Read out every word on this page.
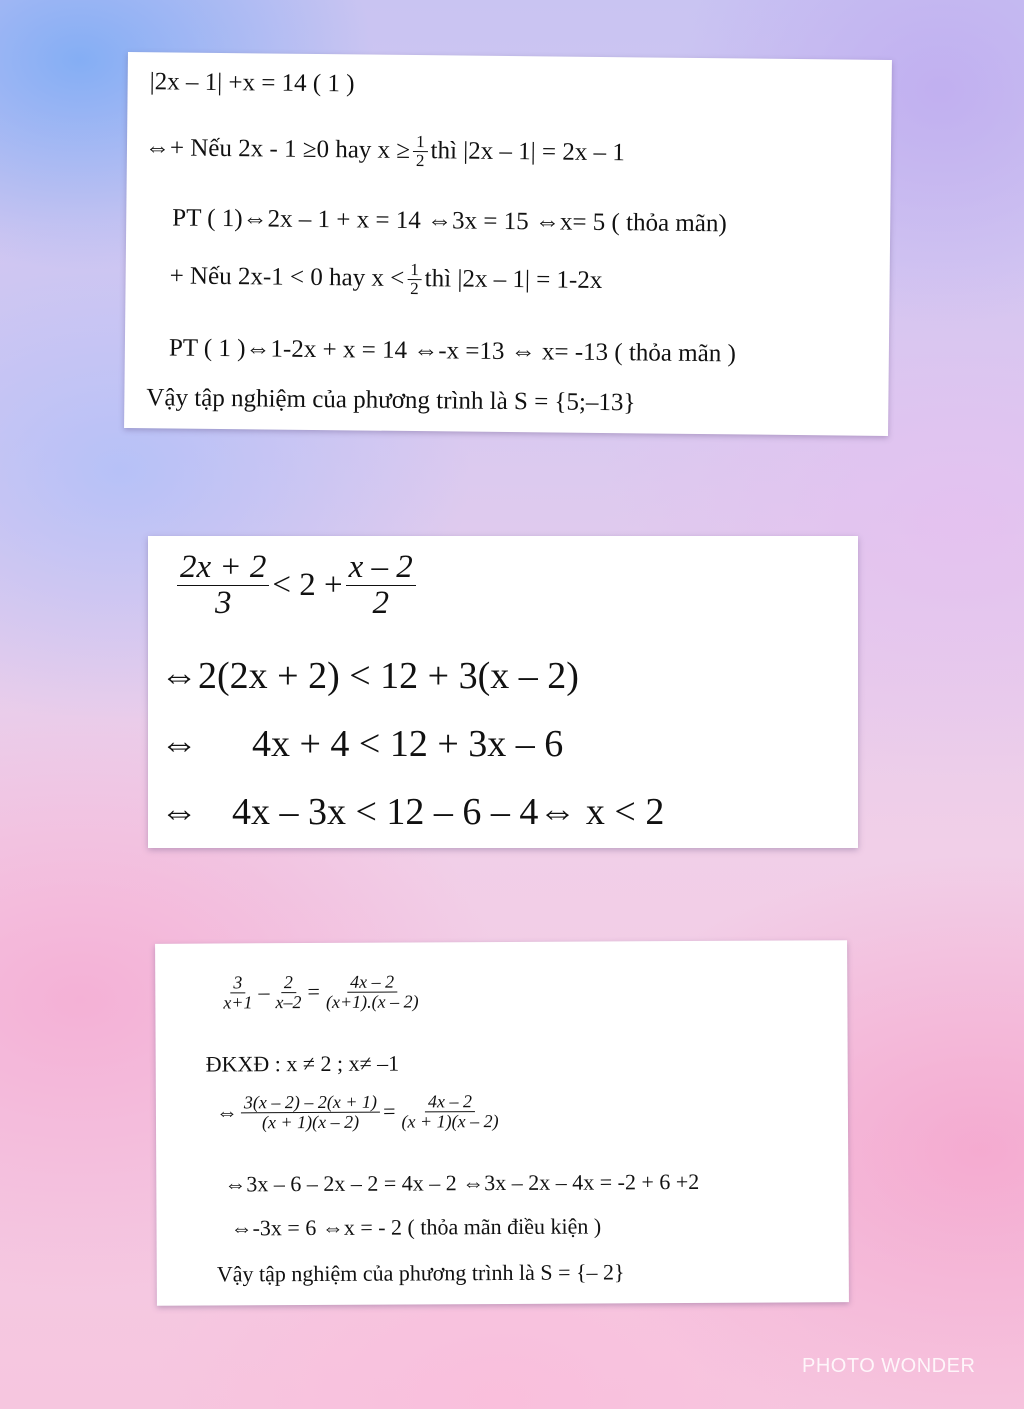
|2x – 1| +x = 14 ( 1 )
⇔+ Nếu 2x - 1 ≥0 hay $x \ge \frac{1}{2}$ thì |2x – 1| = 2x – 1
PT ( 1)⇔2x – 1 + x = 14 ⇔3x = 15 ⇔x= 5 ( thỏa mãn)
+ Nếu 2x-1 < 0 hay $x < \frac{1}{2}$ thì |2x – 1| = 1-2x
PT ( 1 )⇔1-2x + x = 14 ⇔-x =13 ⇔ x= -13 ( thỏa mãn )
Vậy tập nghiệm của phương trình là S = {5;–13}
$\frac{2x + 2}{3} < 2 + \frac{x - 2}{2}$
⇔2(2x + 2) < 12 + 3(x – 2)
⇔	4x + 4 < 12 + 3x – 6
⇔ 4x – 3x < 12 – 6 – 4⇔ x < 2
$\frac{3}{x+1} - \frac{2}{x-2} = \frac{4x - 2}{(x+1).(x - 2)}$
ĐKXĐ : x ≠ 2 ; x≠ –1
⇔ $\frac{3(x - 2) - 2(x + 1)}{(x + 1)(x - 2)} = \frac{4x - 2}{(x + 1)(x - 2)}$
⇔3x – 6 – 2x – 2 = 4x – 2 ⇔3x – 2x – 4x = -2 + 6 +2
⇔-3x = 6 ⇔x = - 2 ( thỏa mãn điều kiện )
Vậy tập nghiệm của phương trình là S = {– 2}
PHOTO WONDER
